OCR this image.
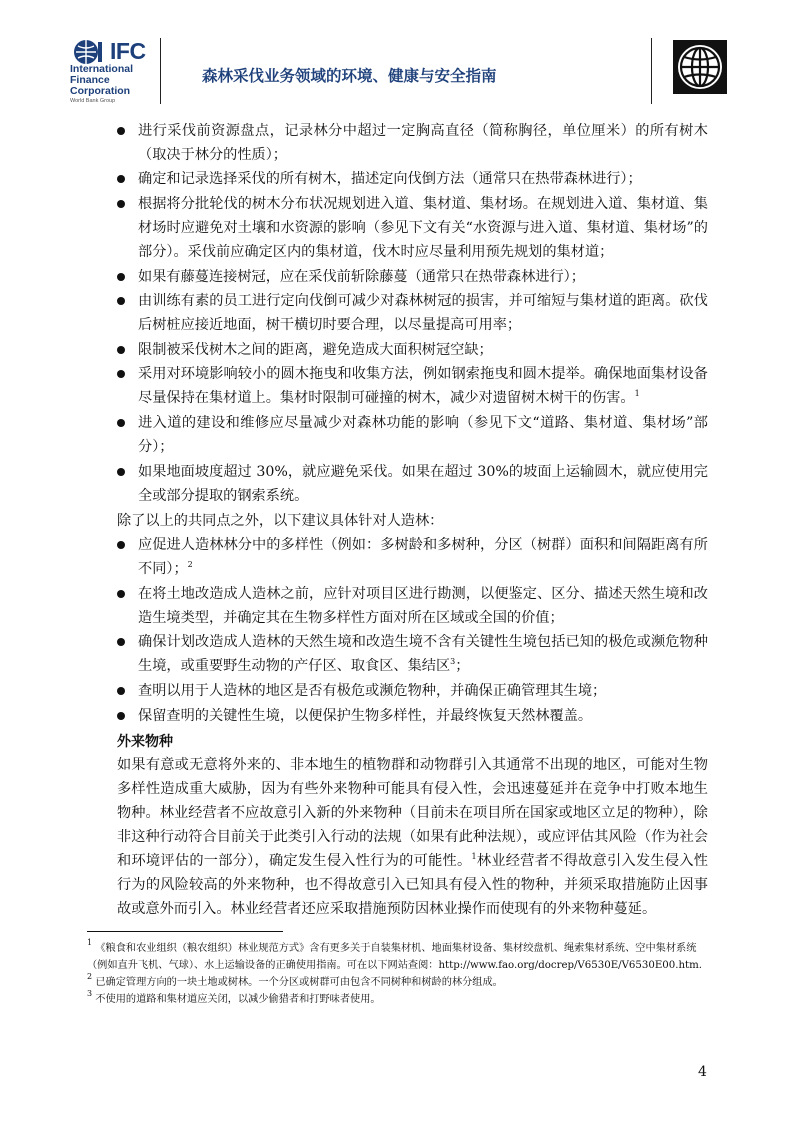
IFC
International
Finance
Corporation
World Bank Group
森林采伐业务领域的环境、健康与安全指南
进行采伐前资源盘点，记录林分中超过一定胸高直径（简称胸径，单位厘米）的所有树木（取决于林分的性质）；
确定和记录选择采伐的所有树木，描述定向伐倒方法（通常只在热带森林进行）；
根据将分批轮伐的树木分布状况规划进入道、集材道、集材场。在规划进入道、集材道、集材场时应避免对土壤和水资源的影响（参见下文有关“水资源与进入道、集材道、集材场”的部分）。采伐前应确定区内的集材道，伐木时应尽量利用预先规划的集材道；
如果有藤蔓连接树冠，应在采伐前斩除藤蔓（通常只在热带森林进行）；
由训练有素的员工进行定向伐倒可减少对森林树冠的损害，并可缩短与集材道的距离。砍伐后树桩应接近地面，树干横切时要合理，以尽量提高可用率；
限制被采伐树木之间的距离，避免造成大面积树冠空缺；
采用对环境影响较小的圆木拖曳和收集方法，例如钢索拖曳和圆木提举。确保地面集材设备尽量保持在集材道上。集材时限制可碰撞的树木，减少对遗留树木树干的伤害。$^1$
进入道的建设和维修应尽量减少对森林功能的影响（参见下文“道路、集材道、集材场”部分）；
如果地面坡度超过 30%，就应避免采伐。如果在超过 30%的坡面上运输圆木，就应使用完全或部分提取的钢索系统。
除了以上的共同点之外，以下建议具体针对人造林：
应促进人造林林分中的多样性（例如：多树龄和多树种，分区（树群）面积和间隔距离有所不同）；$^2$
在将土地改造成人造林之前，应针对项目区进行勘测，以便鉴定、区分、描述天然生境和改造生境类型，并确定其在生物多样性方面对所在区域或全国的价值；
确保计划改造成人造林的天然生境和改造生境不含有关键性生境包括已知的极危或濒危物种生境，或重要野生动物的产仔区、取食区、集结区$^3$；
查明以用于人造林的地区是否有极危或濒危物种，并确保正确管理其生境；
保留查明的关键性生境，以便保护生物多样性，并最终恢复天然林覆盖。
外来物种
如果有意或无意将外来的、非本地生的植物群和动物群引入其通常不出现的地区，可能对生物多样性造成重大威胁，因为有些外来物种可能具有侵入性，会迅速蔓延并在竞争中打败本地生物种。林业经营者不应故意引入新的外来物种（目前未在项目所在国家或地区立足的物种），除非这种行动符合目前关于此类引入行动的法规（如果有此种法规），或应评估其风险（作为社会和环境评估的一部分），确定发生侵入性行为的可能性。$^1$林业经营者不得故意引入发生侵入性行为的风险较高的外来物种，也不得故意引入已知具有侵入性的物种，并须采取措施防止因事故或意外而引入。林业经营者还应采取措施预防因林业操作而使现有的外来物种蔓延。
$^1$ 《粮食和农业组织（粮农组织）林业规范方式》含有更多关于自装集材机、地面集材设备、集材绞盘机、绳索集材系统、空中集材系统（例如直升飞机、气球）、水上运输设备的正确使用指南。可在以下网站查阅：http://www.fao.org/docrep/V6530E/V6530E00.htm.
$^2$ 已确定管理方向的一块土地或树林。一个分区或树群可由包含不同树种和树龄的林分组成。
$^3$ 不使用的道路和集材道应关闭，以减少偷猎者和打野味者使用。
4
